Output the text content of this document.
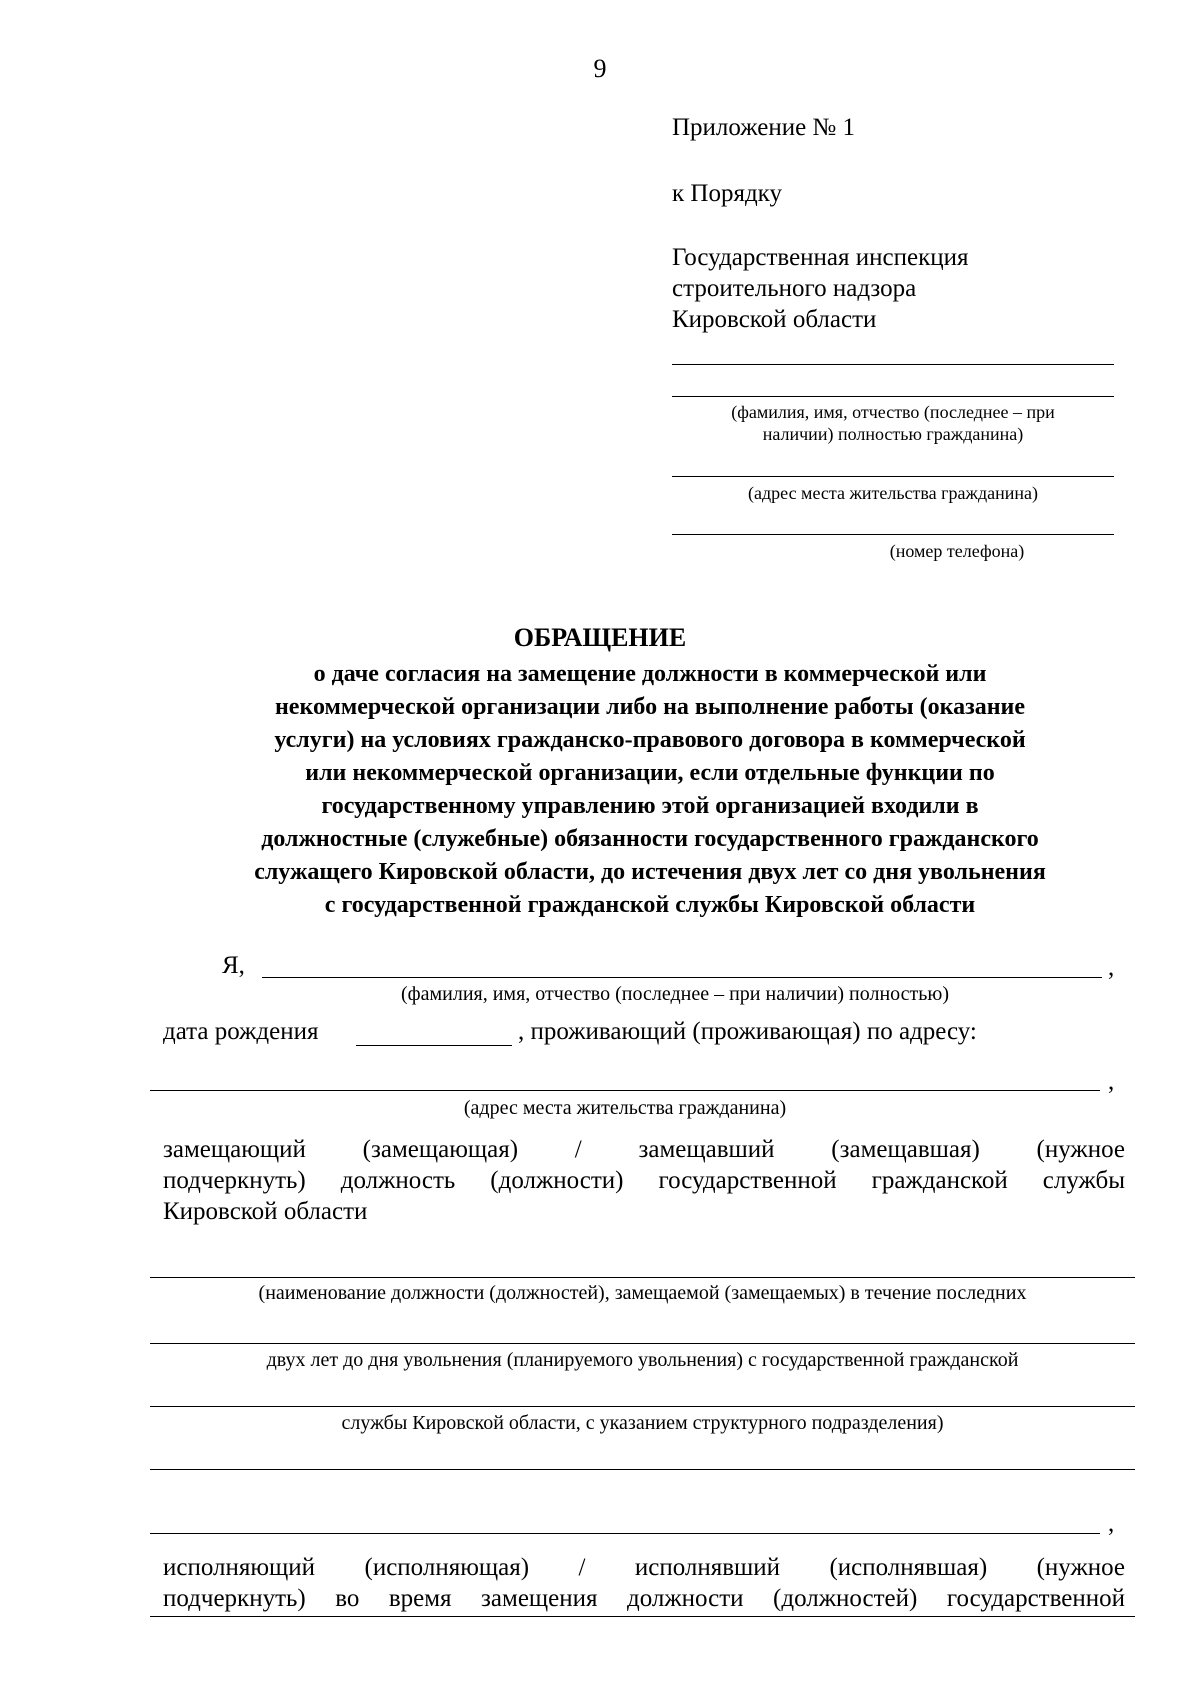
9
Приложение № 1
к Порядку
Государственная инспекция
строительного надзора
Кировской области
(фамилия, имя, отчество (последнее – при
наличии) полностью гражданина)
(адрес места жительства гражданина)
(номер телефона)
ОБРАЩЕНИЕ
о даче согласия на замещение должности в коммерческой или
некоммерческой организации либо на выполнение работы (оказание
услуги) на условиях гражданско-правового договора в коммерческой
или некоммерческой организации, если отдельные функции по
государственному управлению этой организацией входили в
должностные (служебные) обязанности государственного гражданского
служащего Кировской области, до истечения двух лет со дня увольнения
с государственной гражданской службы Кировской области
Я,	,
(фамилия, имя, отчество (последнее – при наличии) полностью)
дата рождения	, проживающий (проживающая) по адресу:
,
(адрес места жительства гражданина)
замещающий (замещающая) / замещавший (замещавшая) (нужное
подчеркнуть) должность (должности) государственной гражданской службы
Кировской области
(наименование должности (должностей), замещаемой (замещаемых) в течение последних
двух лет до дня увольнения (планируемого увольнения) с государственной гражданской
службы Кировской области, с указанием структурного подразделения)
,
исполняющий (исполняющая) / исполнявший (исполнявшая) (нужное
подчеркнуть) во время замещения должности (должностей) государственной
